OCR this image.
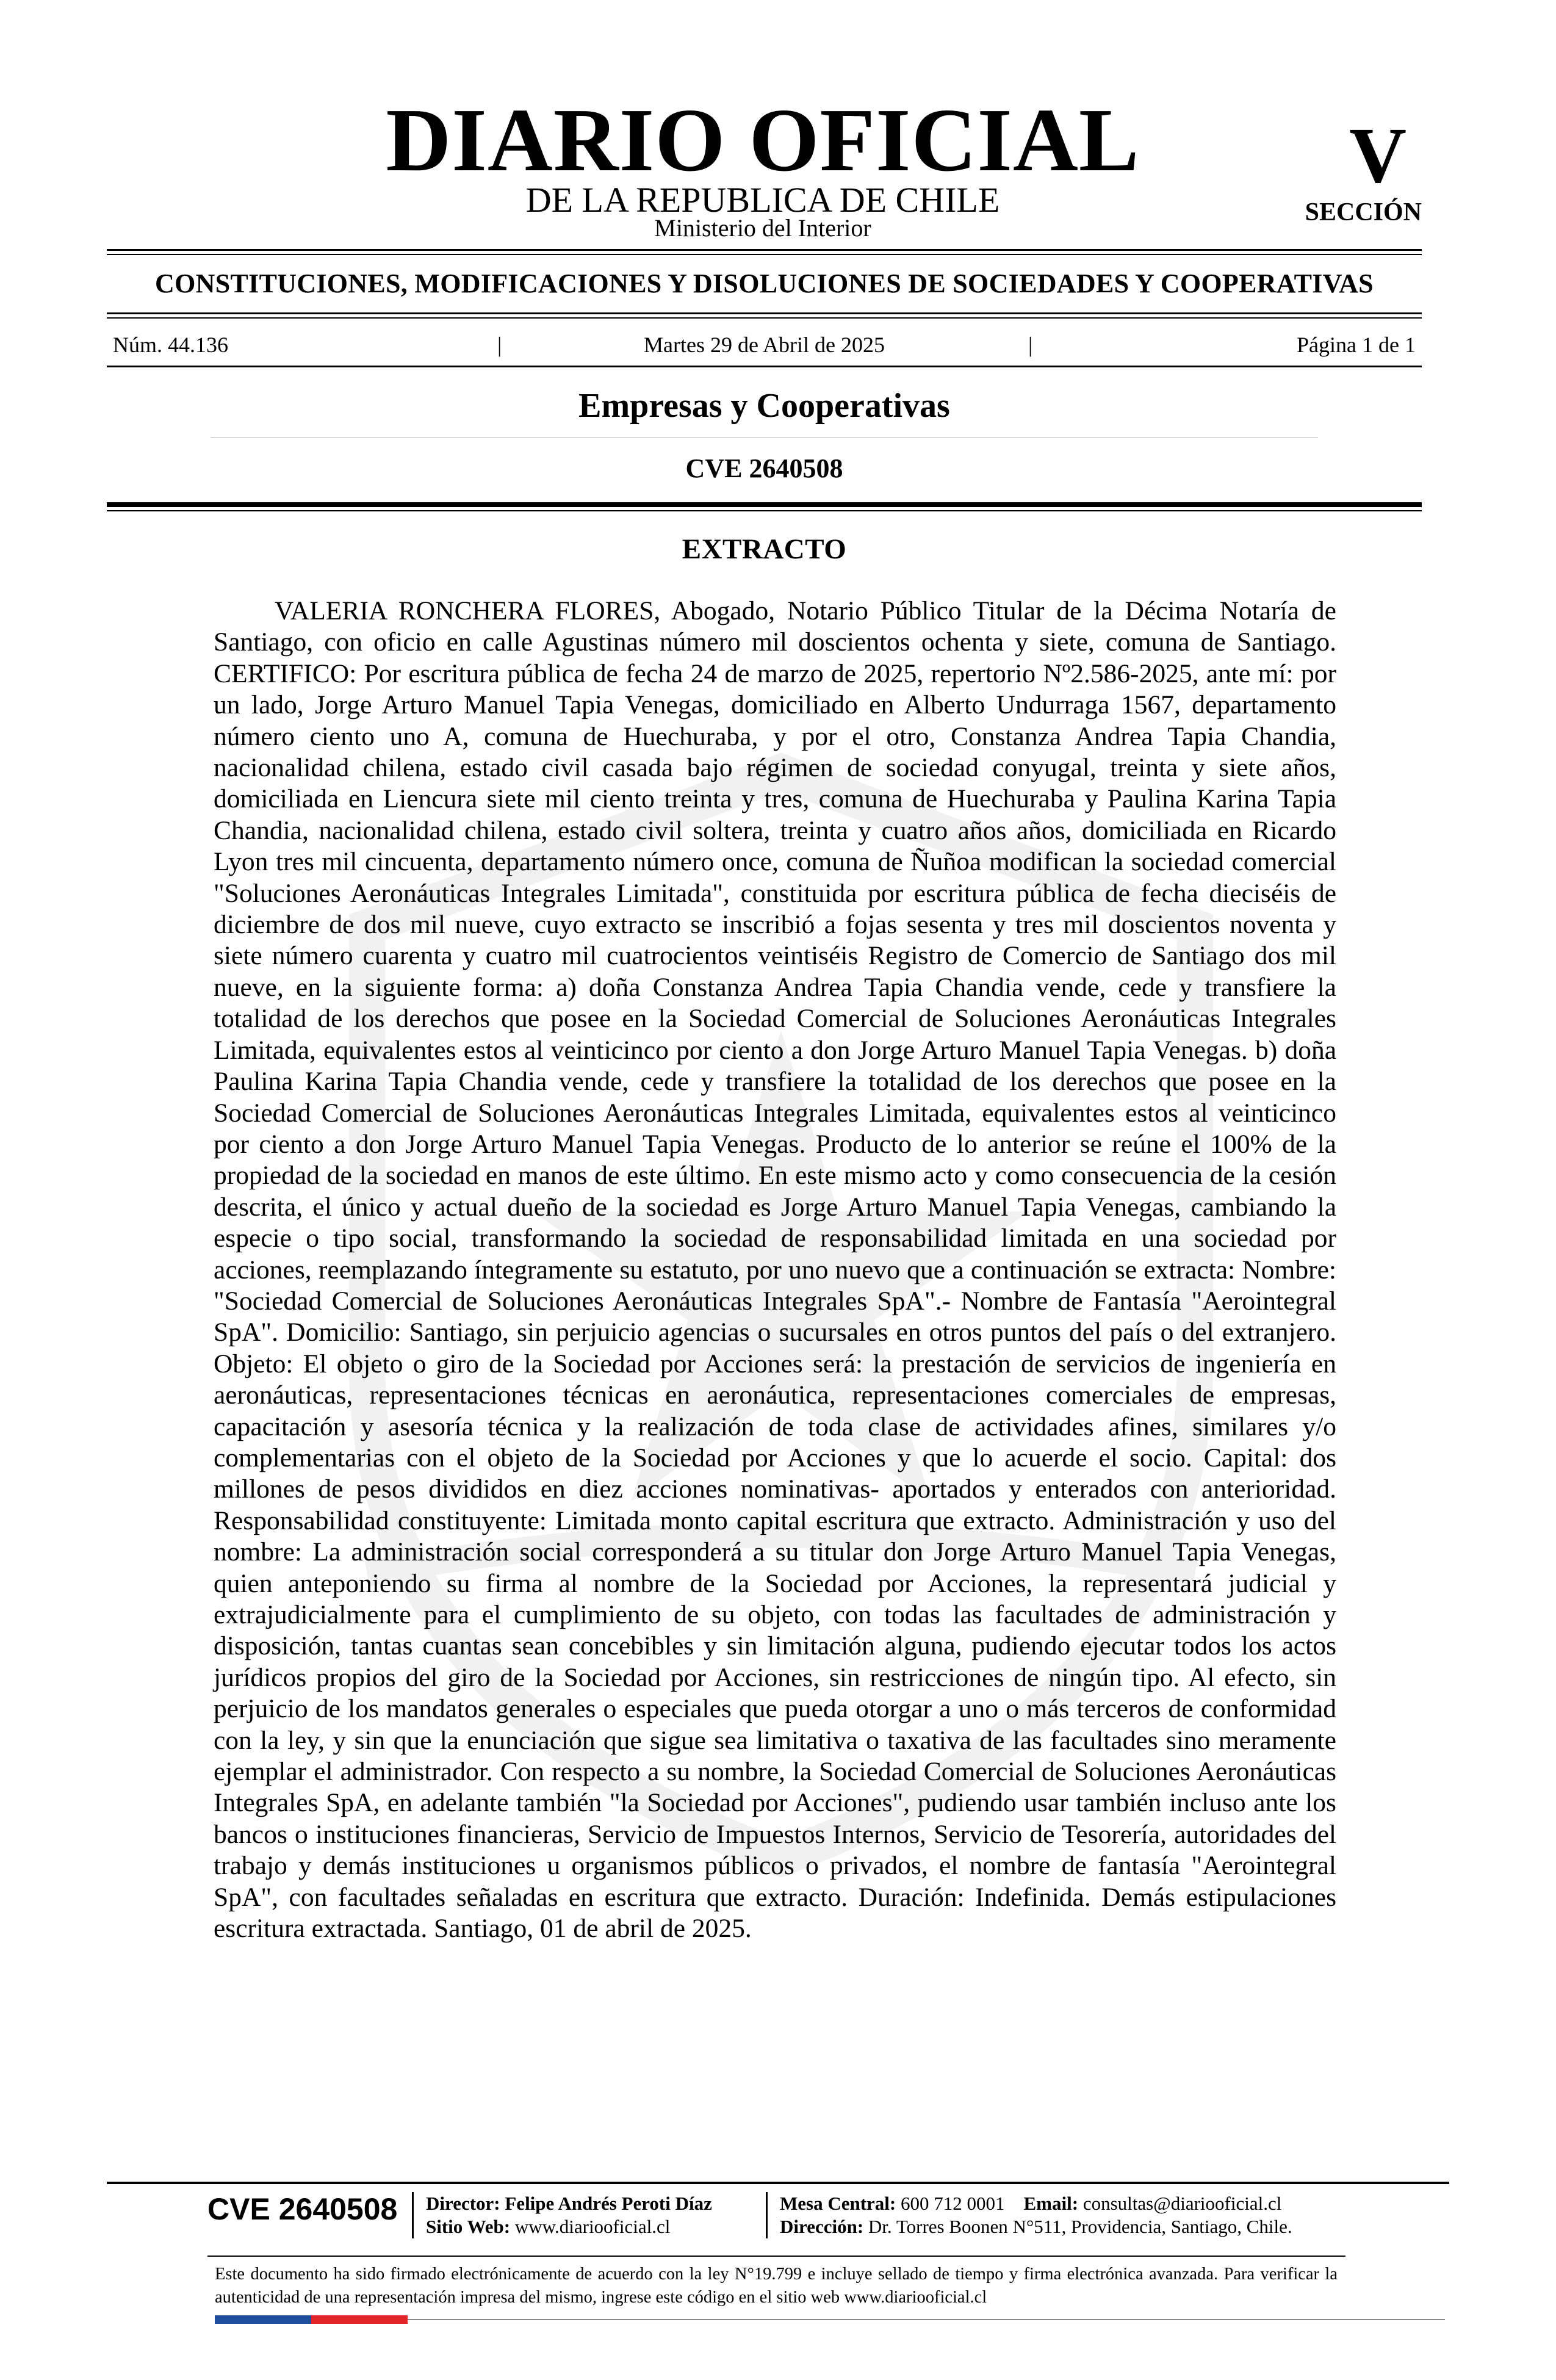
DIARIO OFICIAL
DE LA REPUBLICA DE CHILE
Ministerio del Interior
V
SECCIÓN
CONSTITUCIONES, MODIFICACIONES Y DISOLUCIONES DE SOCIEDADES Y COOPERATIVAS
Núm. 44.136	|	Martes 29 de Abril de 2025	|	Página 1 de 1
Empresas y Cooperativas
CVE 2640508
EXTRACTO

VALERIA RONCHERA FLORES, Abogado, Notario Público Titular de la Décima Notaría de Santiago, con oficio en calle Agustinas número mil doscientos ochenta y siete, comuna de Santiago. CERTIFICO: Por escritura pública de fecha 24 de marzo de 2025, repertorio Nº2.586-2025, ante mí: por un lado, Jorge Arturo Manuel Tapia Venegas, domiciliado en Alberto Undurraga 1567, departamento número ciento uno A, comuna de Huechuraba, y por el otro, Constanza Andrea Tapia Chandia, nacionalidad chilena, estado civil casada bajo régimen de sociedad conyugal, treinta y siete años, domiciliada en Liencura siete mil ciento treinta y tres, comuna de Huechuraba y Paulina Karina Tapia Chandia, nacionalidad chilena, estado civil soltera, treinta y cuatro años años, domiciliada en Ricardo Lyon tres mil cincuenta, departamento número once, comuna de Ñuñoa modifican la sociedad comercial "Soluciones Aeronáuticas Integrales Limitada", constituida por escritura pública de fecha dieciséis de diciembre de dos mil nueve, cuyo extracto se inscribió a fojas sesenta y tres mil doscientos noventa y siete número cuarenta y cuatro mil cuatrocientos veintiséis Registro de Comercio de Santiago dos mil nueve, en la siguiente forma: a) doña Constanza Andrea Tapia Chandia vende, cede y transfiere la totalidad de los derechos que posee en la Sociedad Comercial de Soluciones Aeronáuticas Integrales Limitada, equivalentes estos al veinticinco por ciento a don Jorge Arturo Manuel Tapia Venegas. b) doña Paulina Karina Tapia Chandia vende, cede y transfiere la totalidad de los derechos que posee en la Sociedad Comercial de Soluciones Aeronáuticas Integrales Limitada, equivalentes estos al veinticinco por ciento a don Jorge Arturo Manuel Tapia Venegas. Producto de lo anterior se reúne el 100% de la propiedad de la sociedad en manos de este último. En este mismo acto y como consecuencia de la cesión descrita, el único y actual dueño de la sociedad es Jorge Arturo Manuel Tapia Venegas, cambiando la especie o tipo social, transformando la sociedad de responsabilidad limitada en una sociedad por acciones, reemplazando íntegramente su estatuto, por uno nuevo que a continuación se extracta: Nombre: "Sociedad Comercial de Soluciones Aeronáuticas Integrales SpA".- Nombre de Fantasía "Aerointegral SpA". Domicilio: Santiago, sin perjuicio agencias o sucursales en otros puntos del país o del extranjero. Objeto: El objeto o giro de la Sociedad por Acciones será: la prestación de servicios de ingeniería en aeronáuticas, representaciones técnicas en aeronáutica, representaciones comerciales de empresas, capacitación y asesoría técnica y la realización de toda clase de actividades afines, similares y/o complementarias con el objeto de la Sociedad por Acciones y que lo acuerde el socio. Capital: dos millones de pesos divididos en diez acciones nominativas- aportados y enterados con anterioridad. Responsabilidad constituyente: Limitada monto capital escritura que extracto. Administración y uso del nombre: La administración social corresponderá a su titular don Jorge Arturo Manuel Tapia Venegas, quien anteponiendo su firma al nombre de la Sociedad por Acciones, la representará judicial y extrajudicialmente para el cumplimiento de su objeto, con todas las facultades de administración y disposición, tantas cuantas sean concebibles y sin limitación alguna, pudiendo ejecutar todos los actos jurídicos propios del giro de la Sociedad por Acciones, sin restricciones de ningún tipo. Al efecto, sin perjuicio de los mandatos generales o especiales que pueda otorgar a uno o más terceros de conformidad con la ley, y sin que la enunciación que sigue sea limitativa o taxativa de las facultades sino meramente ejemplar el administrador. Con respecto a su nombre, la Sociedad Comercial de Soluciones Aeronáuticas Integrales SpA, en adelante también "la Sociedad por Acciones", pudiendo usar también incluso ante los bancos o instituciones financieras, Servicio de Impuestos Internos, Servicio de Tesorería, autoridades del trabajo y demás instituciones u organismos públicos o privados, el nombre de fantasía "Aerointegral SpA", con facultades señaladas en escritura que extracto. Duración: Indefinida. Demás estipulaciones escritura extractada. Santiago, 01 de abril de 2025.

CVE 2640508 Director: Felipe Andrés Peroti Díaz
Sitio Web: www.diariooficial.cl
Mesa Central: 600 712 0001 Email: consultas@diariooficial.cl
Dirección: Dr. Torres Boonen N°511, Providencia, Santiago, Chile.
Este documento ha sido firmado electrónicamente de acuerdo con la ley N°19.799 e incluye sellado de tiempo y firma electrónica avanzada. Para verificar la autenticidad de una representación impresa del mismo, ingrese este código en el sitio web www.diariooficial.cl
